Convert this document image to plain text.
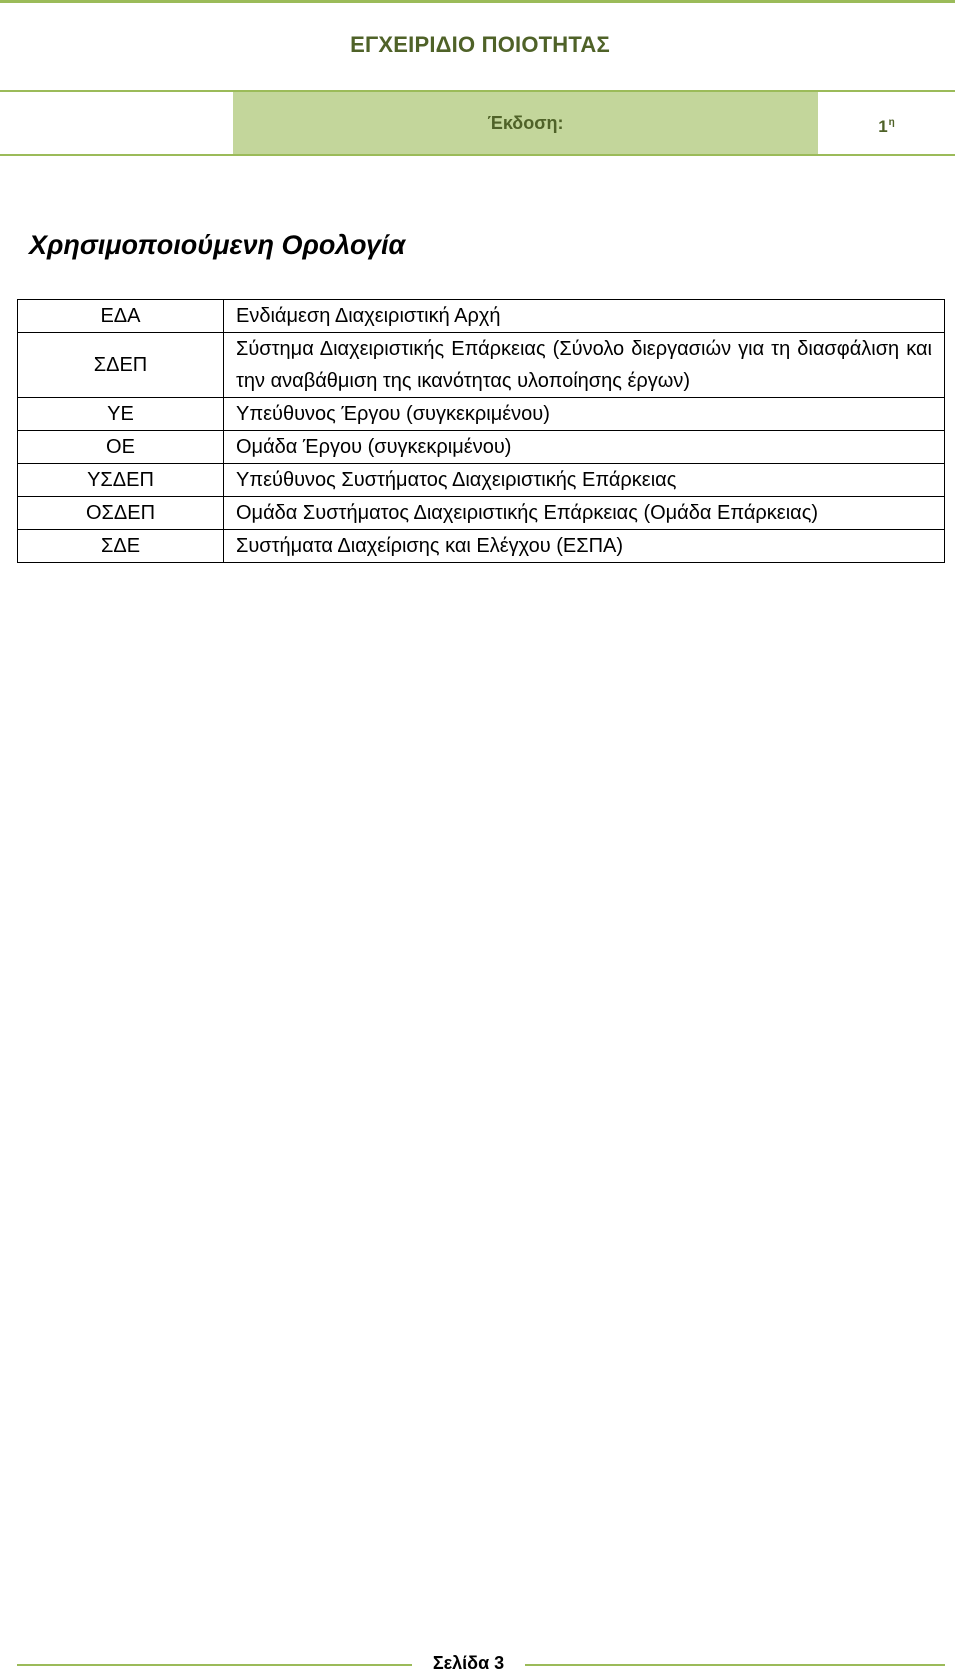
ΕΓΧΕΙΡΙΔΙΟ ΠΟΙΟΤΗΤΑΣ
Έκδοση:	$1^\eta$
Χρησιμοποιούμενη Ορολογία
ΕΔΑ	Ενδιάμεση Διαχειριστική Αρχή
ΣΔΕΠ	Σύστημα Διαχειριστικής Επάρκειας (Σύνολο διεργασιών για τη διασφάλιση και την αναβάθμιση της ικανότητας υλοποίησης έργων)
ΥΕ	Υπεύθυνος Έργου (συγκεκριμένου)
ΟΕ	Ομάδα Έργου (συγκεκριμένου)
ΥΣΔΕΠ	Υπεύθυνος Συστήματος Διαχειριστικής Επάρκειας
ΟΣΔΕΠ	Ομάδα Συστήματος Διαχειριστικής Επάρκειας (Ομάδα Επάρκειας)
ΣΔΕ	Συστήματα Διαχείρισης και Ελέγχου (ΕΣΠΑ)
Σελίδα 3
